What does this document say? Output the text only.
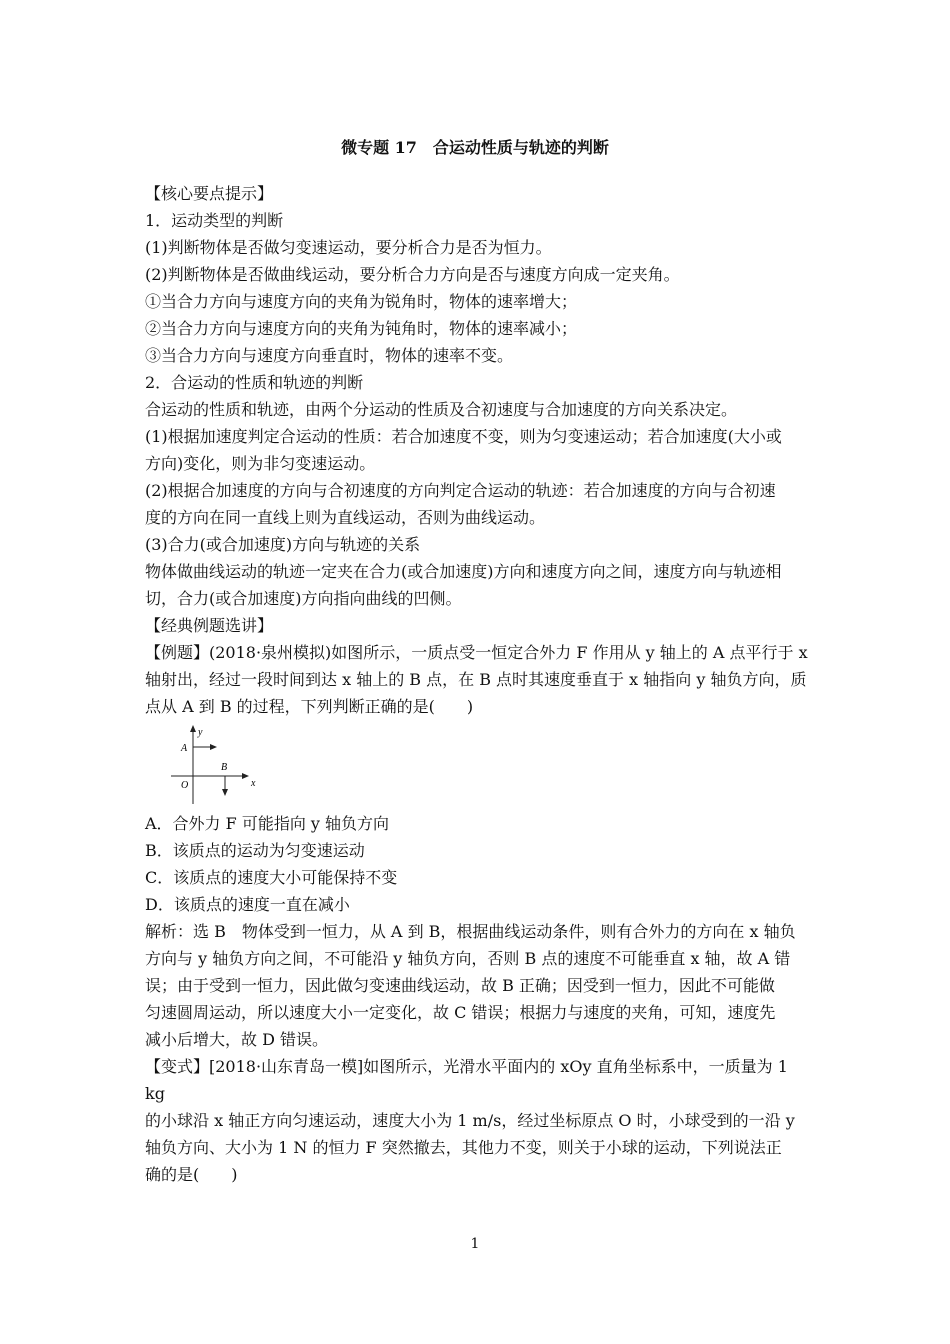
微专题 17　合运动性质与轨迹的判断

【核心要点提示】

1．运动类型的判断

(1)判断物体是否做匀变速运动，要分析合力是否为恒力。

(2)判断物体是否做曲线运动，要分析合力方向是否与速度方向成一定夹角。

①当合力方向与速度方向的夹角为锐角时，物体的速率增大；

②当合力方向与速度方向的夹角为钝角时，物体的速率减小；

③当合力方向与速度方向垂直时，物体的速率不变。

2．合运动的性质和轨迹的判断

合运动的性质和轨迹，由两个分运动的性质及合初速度与合加速度的方向关系决定。

(1)根据加速度判定合运动的性质：若合加速度不变，则为匀变速运动；若合加速度(大小或

方向)变化，则为非匀变速运动。

(2)根据合加速度的方向与合初速度的方向判定合运动的轨迹：若合加速度的方向与合初速

度的方向在同一直线上则为直线运动，否则为曲线运动。

(3)合力(或合加速度)方向与轨迹的关系

物体做曲线运动的轨迹一定夹在合力(或合加速度)方向和速度方向之间，速度方向与轨迹相

切，合力(或合加速度)方向指向曲线的凹侧。

【经典例题选讲】

【例题】(2018·泉州模拟)如图所示，一质点受一恒定合外力 F 作用从 y 轴上的 A 点平行于 x

轴射出，经过一段时间到达 x 轴上的 B 点，在 B 点时其速度垂直于 x 轴指向 y 轴负方向，质

点从 A 到 B 的过程，下列判断正确的是(　　)

y
x
A
B
O

A．合外力 F 可能指向 y 轴负方向

B．该质点的运动为匀变速运动

C．该质点的速度大小可能保持不变

D．该质点的速度一直在减小

解析：选 B　物体受到一恒力，从 A 到 B，根据曲线运动条件，则有合外力的方向在 x 轴负

方向与 y 轴负方向之间，不可能沿 y 轴负方向，否则 B 点的速度不可能垂直 x 轴，故 A 错

误；由于受到一恒力，因此做匀变速曲线运动，故 B 正确；因受到一恒力，因此不可能做

匀速圆周运动，所以速度大小一定变化，故 C 错误；根据力与速度的夹角，可知，速度先

减小后增大，故 D 错误。

【变式】[2018·山东青岛一模]如图所示，光滑水平面内的 xOy 直角坐标系中，一质量为 1 kg

的小球沿 x 轴正方向匀速运动，速度大小为 1 m/s，经过坐标原点 O 时，小球受到的一沿 y

轴负方向、大小为 1 N 的恒力 F 突然撤去，其他力不变，则关于小球的运动，下列说法正

确的是(　　)

1
